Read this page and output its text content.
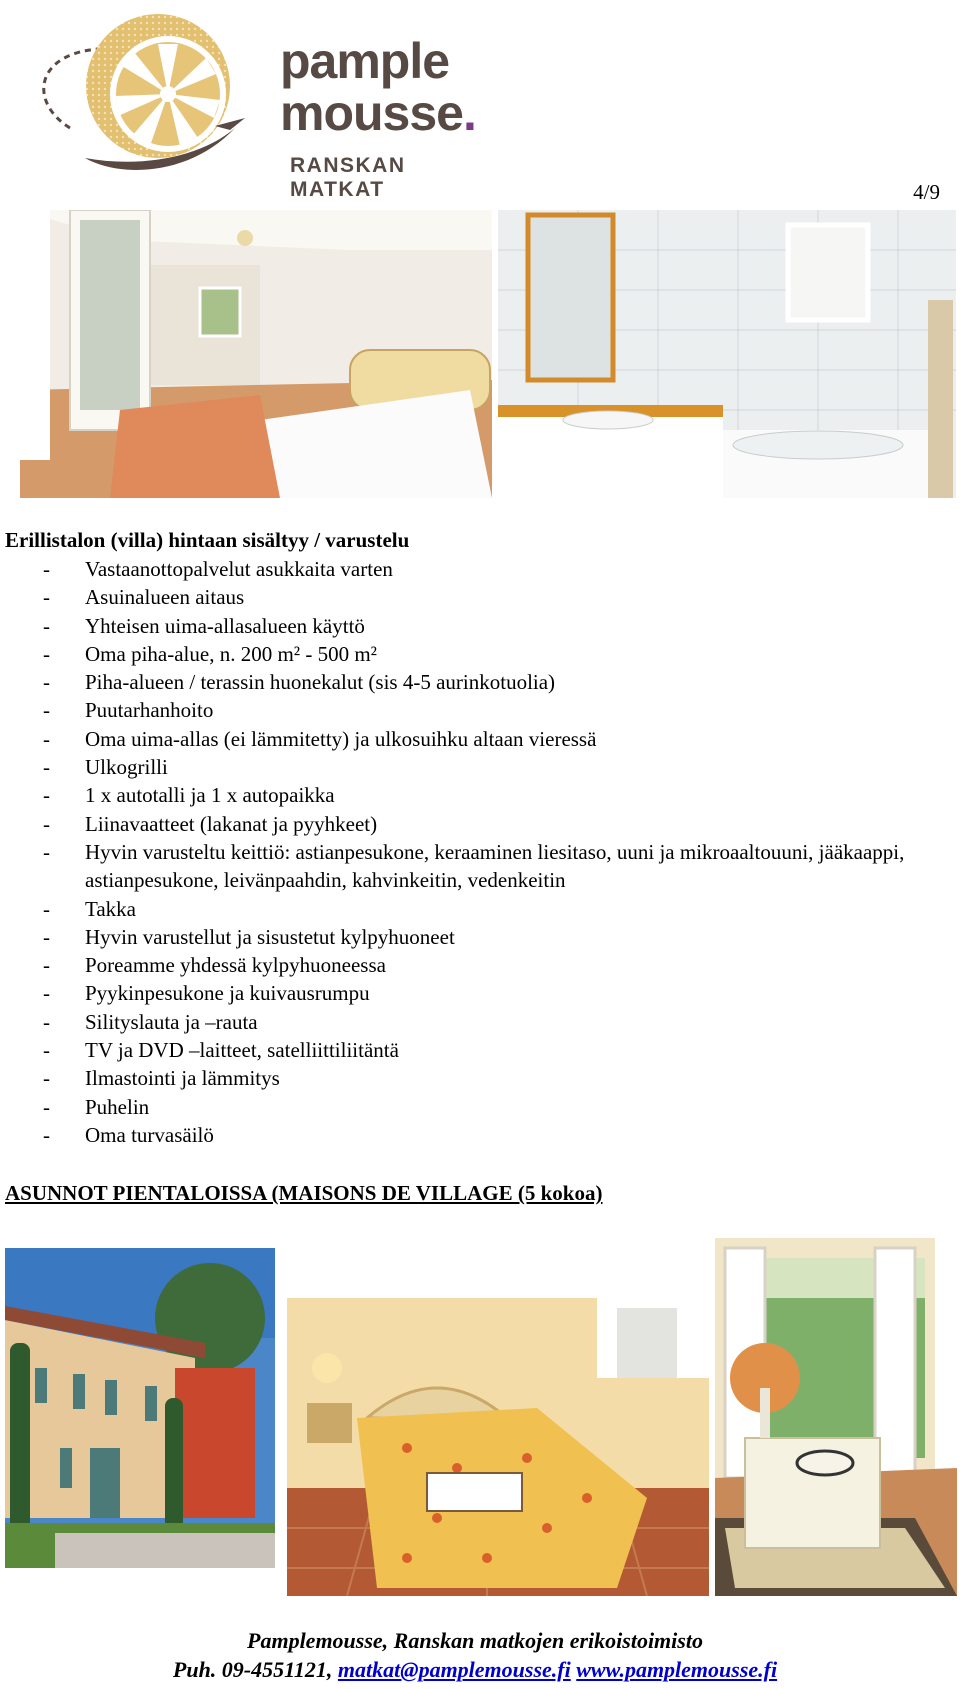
pample
mousse.
RANSKAN MATKAT	4/9
Erillistalon (villa) hintaan sisältyy / varustelu
- Vastaanottopalvelut asukkaita varten
- Asuinalueen aitaus
- Yhteisen uima-allasalueen käyttö
- Oma piha-alue, n. 200 m² - 500 m²
- Piha-alueen / terassin huonekalut (sis 4-5 aurinkotuolia)
- Puutarhanhoito
- Oma uima-allas (ei lämmitetty) ja ulkosuihku altaan vieressä
- Ulkogrilli
- 1 x autotalli ja 1 x autopaikka
- Liinavaatteet (lakanat ja pyyhkeet)
- Hyvin varusteltu keittiö: astianpesukone, keraaminen liesitaso, uuni ja mikroaaltouuni, jääkaappi, astianpesukone, leivänpaahdin, kahvinkeitin, vedenkeitin
- Takka
- Hyvin varustellut ja sisustetut kylpyhuoneet
- Poreamme yhdessä kylpyhuoneessa
- Pyykinpesukone ja kuivausrumpu
- Silityslauta ja –rauta
- TV ja DVD –laitteet, satelliittiliitäntä
- Ilmastointi ja lämmitys
- Puhelin
- Oma turvasäilö
ASUNNOT PIENTALOISSA (MAISONS DE VILLAGE (5 kokoa)
Pamplemousse, Ranskan matkojen erikoistoimisto
Puh. 09-4551121, matkat@pamplemousse.fi www.pamplemousse.fi
